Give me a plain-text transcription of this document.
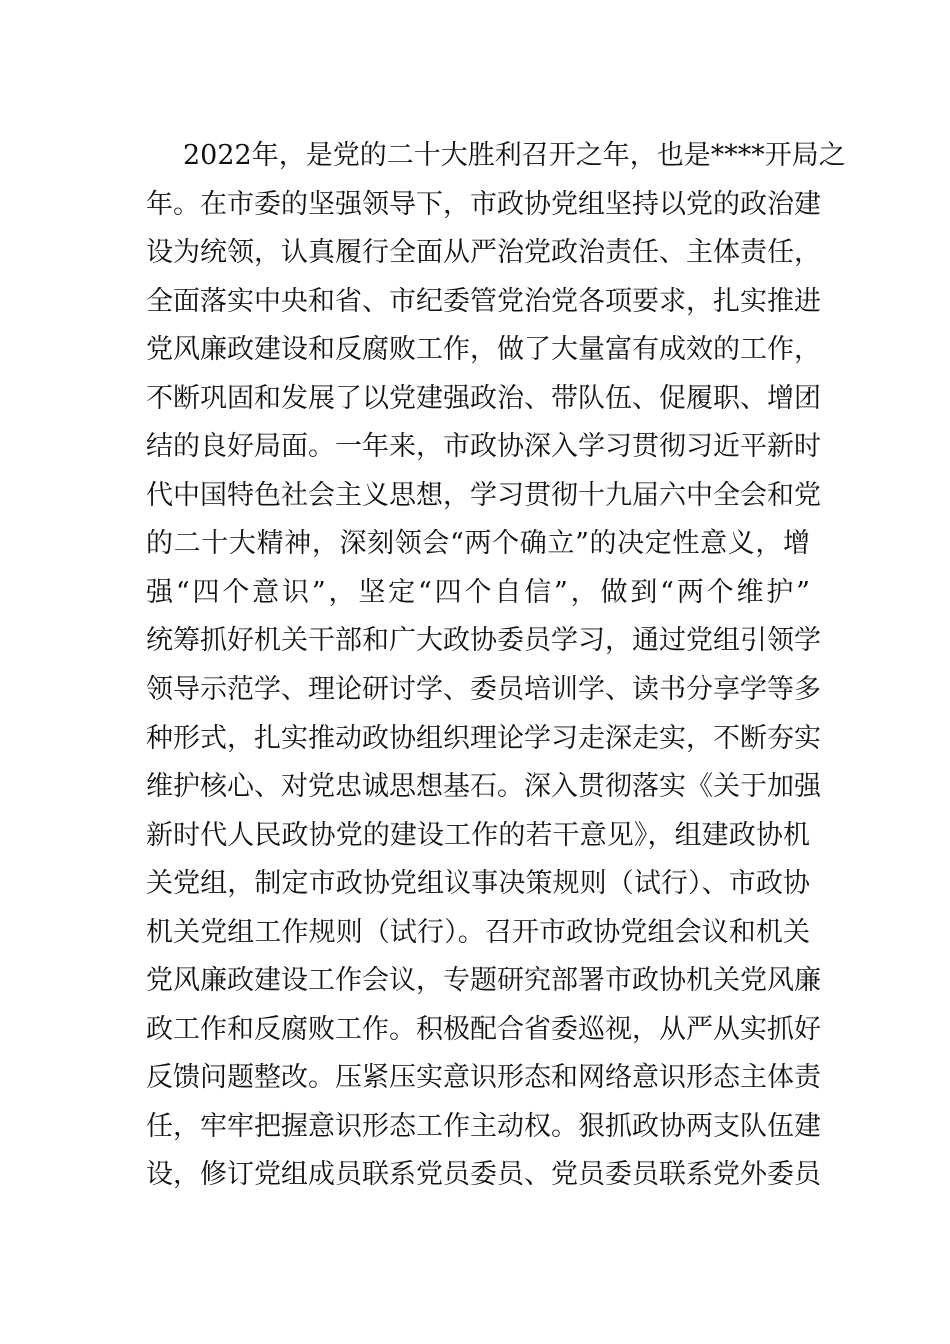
2022年，是党的二十大胜利召开之年，也是****开局之
年。在市委的坚强领导下，市政协党组坚持以党的政治建
设为统领，认真履行全面从严治党政治责任、主体责任，
全面落实中央和省、市纪委管党治党各项要求，扎实推进
党风廉政建设和反腐败工作，做了大量富有成效的工作，
不断巩固和发展了以党建强政治、带队伍、促履职、增团
结的良好局面。一年来，市政协深入学习贯彻习近平新时
代中国特色社会主义思想，学习贯彻十九届六中全会和党
的二十大精神，深刻领会“两个确立”的决定性意义，增
强“四个意识”，坚定“四个自信”，做到“两个维护”
统筹抓好机关干部和广大政协委员学习，通过党组引领学
领导示范学、理论研讨学、委员培训学、读书分享学等多
种形式，扎实推动政协组织理论学习走深走实，不断夯实
维护核心、对党忠诚思想基石。深入贯彻落实《关于加强
新时代人民政协党的建设工作的若干意见》，组建政协机
关党组，制定市政协党组议事决策规则（试行）、市政协
机关党组工作规则（试行）。召开市政协党组会议和机关
党风廉政建设工作会议，专题研究部署市政协机关党风廉
政工作和反腐败工作。积极配合省委巡视，从严从实抓好
反馈问题整改。压紧压实意识形态和网络意识形态主体责
任，牢牢把握意识形态工作主动权。狠抓政协两支队伍建
设，修订党组成员联系党员委员、党员委员联系党外委员
